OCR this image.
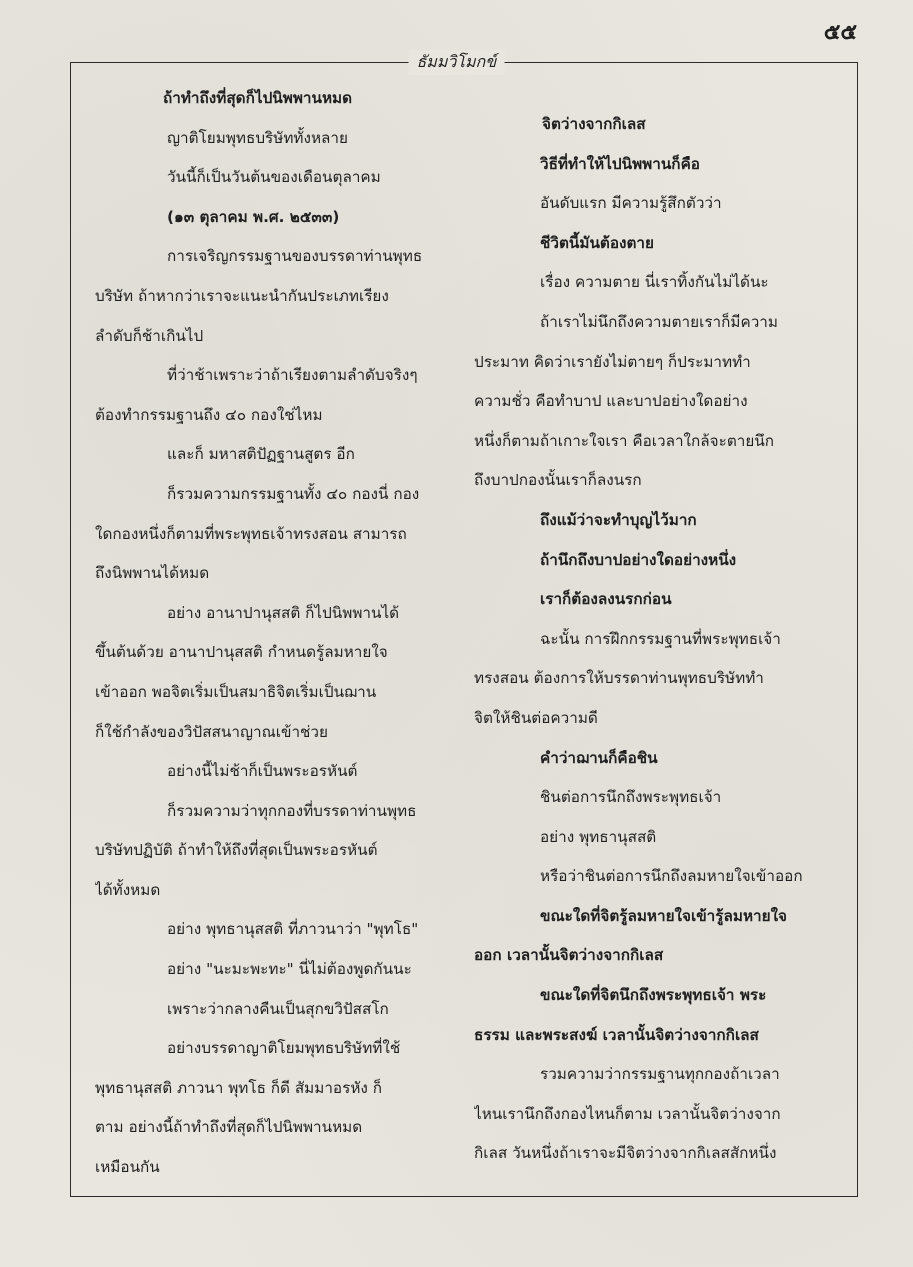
๕๕
ธัมมวิโมกข์
ถ้าทำถึงที่สุดก็ไปนิพพานหมด
ญาติโยมพุทธบริษัททั้งหลาย
วันนี้ก็เป็นวันต้นของเดือนตุลาคม
(๑๓ ตุลาคม พ.ศ. ๒๕๓๓)
การเจริญกรรมฐานของบรรดาท่านพุทธ
บริษัท ถ้าหากว่าเราจะแนะนำกันประเภทเรียง
ลำดับก็ช้าเกินไป
ที่ว่าช้าเพราะว่าถ้าเรียงตามลำดับจริงๆ
ต้องทำกรรมฐานถึง ๔๐ กองใช่ไหม
และก็ มหาสติปัฏฐานสูตร อีก
ก็รวมความกรรมฐานทั้ง ๔๐ กองนี่ กอง
ใดกองหนึ่งก็ตามที่พระพุทธเจ้าทรงสอน สามารถ
ถึงนิพพานได้หมด
อย่าง อานาปานุสสติ ก็ไปนิพพานได้
ขึ้นต้นด้วย อานาปานุสสติ กำหนดรู้ลมหายใจ
เข้าออก พอจิตเริ่มเป็นสมาธิจิตเริ่มเป็นฌาน
ก็ใช้กำลังของวิปัสสนาญาณเข้าช่วย
อย่างนี้ไม่ช้าก็เป็นพระอรหันต์
ก็รวมความว่าทุกกองที่บรรดาท่านพุทธ
บริษัทปฏิบัติ ถ้าทำให้ถึงที่สุดเป็นพระอรหันต์
ได้ทั้งหมด
อย่าง พุทธานุสสติ ที่ภาวนาว่า "พุทโธ"
อย่าง "นะมะพะทะ" นี่ไม่ต้องพูดกันนะ
เพราะว่ากลางคืนเป็นสุกขวิปัสสโก
อย่างบรรดาญาติโยมพุทธบริษัทที่ใช้
พุทธานุสสติ ภาวนา พุทโธ ก็ดี สัมมาอรหัง ก็
ตาม อย่างนี้ถ้าทำถึงที่สุดก็ไปนิพพานหมด
เหมือนกัน
จิตว่างจากกิเลส
วิธีที่ทำให้ไปนิพพานก็คือ
อันดับแรก มีความรู้สึกตัวว่า
ชีวิตนี้มันต้องตาย
เรื่อง ความตาย นี่เราทิ้งกันไม่ได้นะ
ถ้าเราไม่นึกถึงความตายเราก็มีความ
ประมาท คิดว่าเรายังไม่ตายๆ ก็ประมาททำ
ความชั่ว คือทำบาป และบาปอย่างใดอย่าง
หนึ่งก็ตามถ้าเกาะใจเรา คือเวลาใกล้จะตายนึก
ถึงบาปกองนั้นเราก็ลงนรก
ถึงแม้ว่าจะทำบุญไว้มาก
ถ้านึกถึงบาปอย่างใดอย่างหนึ่ง
เราก็ต้องลงนรกก่อน
ฉะนั้น การฝึกกรรมฐานที่พระพุทธเจ้า
ทรงสอน ต้องการให้บรรดาท่านพุทธบริษัททำ
จิตให้ชินต่อความดี
คำว่าฌานก็คือชิน
ชินต่อการนึกถึงพระพุทธเจ้า
อย่าง พุทธานุสสติ
หรือว่าชินต่อการนึกถึงลมหายใจเข้าออก
ขณะใดที่จิตรู้ลมหายใจเข้ารู้ลมหายใจ
ออก เวลานั้นจิตว่างจากกิเลส
ขณะใดที่จิตนึกถึงพระพุทธเจ้า พระ
ธรรม และพระสงฆ์ เวลานั้นจิตว่างจากกิเลส
รวมความว่ากรรมฐานทุกกองถ้าเวลา
ไหนเรานึกถึงกองไหนก็ตาม เวลานั้นจิตว่างจาก
กิเลส วันหนึ่งถ้าเราจะมีจิตว่างจากกิเลสสักหนึ่ง
